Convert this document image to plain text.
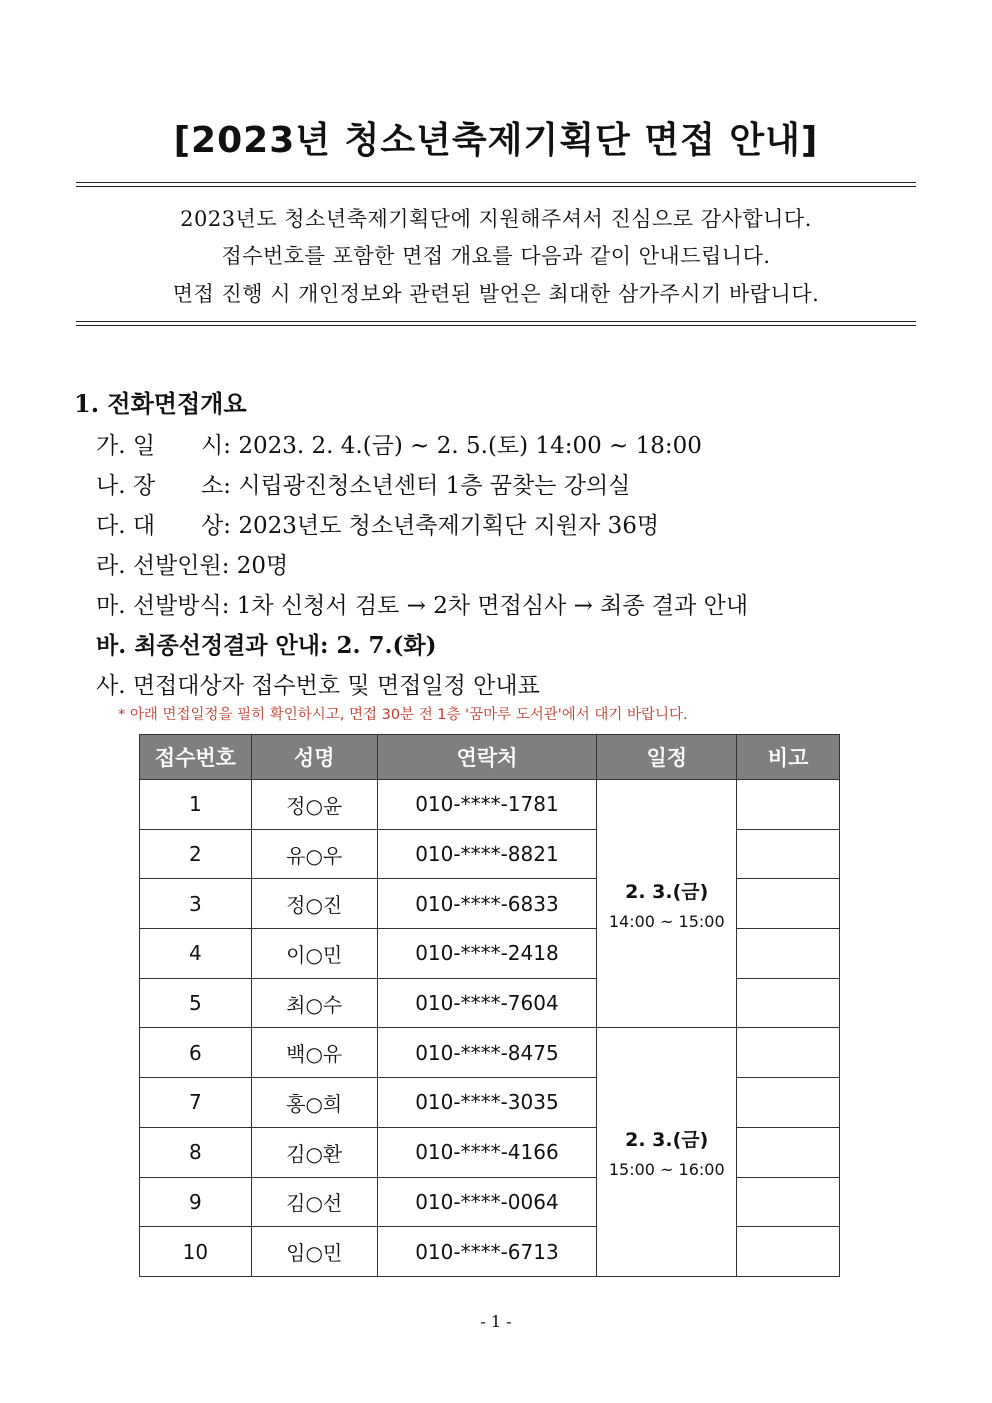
[2023년 청소년축제기획단 면접 안내]
2023년도 청소년축제기획단에 지원해주셔서 진심으로 감사합니다.
접수번호를 포함한 면접 개요를 다음과 같이 안내드립니다.
면접 진행 시 개인정보와 관련된 발언은 최대한 삼가주시기 바랍니다.
1. 전화면접개요
가. 일　　시: 2023. 2. 4.(금) ~ 2. 5.(토) 14:00 ~ 18:00
나. 장　　소: 시립광진청소년센터 1층 꿈찾는 강의실
다. 대　　상: 2023년도 청소년축제기획단 지원자 36명
라. 선발인원: 20명
마. 선발방식: 1차 신청서 검토 → 2차 면접심사 → 최종 결과 안내
바. 최종선정결과 안내: 2. 7.(화)
사. 면접대상자 접수번호 및 면접일정 안내표
* 아래 면접일정을 필히 확인하시고, 면접 30분 전 1층 '꿈마루 도서관'에서 대기 바랍니다.
접수번호	성명	연락처	일정	비고
1	정○윤	010-****-1781	2. 3.(금)
14:00 ~ 15:00	

2	유○우	010-****-8821		
3	정○진	010-****-6833		
4	이○민	010-****-2418		
5	최○수	010-****-7604		
6	백○유	010-****-8475	2. 3.(금)
15:00 ~ 16:00	

7	홍○희	010-****-3035		
8	김○환	010-****-4166		
9	김○선	010-****-0064		
10	임○민	010-****-6713		
- 1 -
